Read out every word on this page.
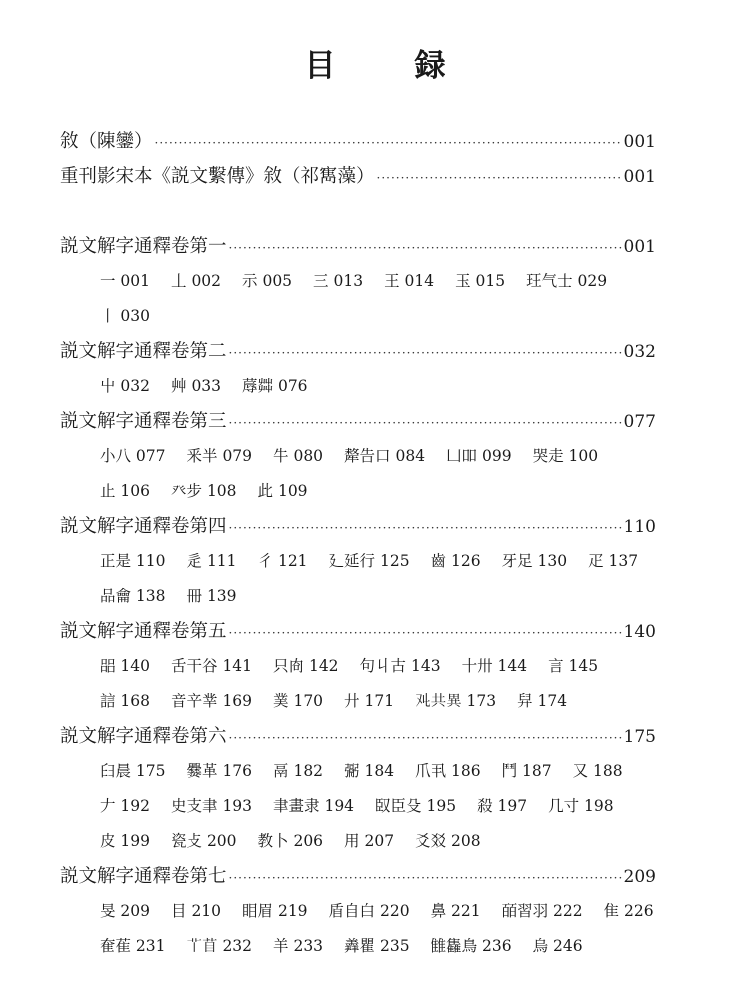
目　録
敘（陳鑾） ·····	001
重刊影宋本《説文繫傳》敘（祁寯藻） ·····	001
説文解字通釋卷第一 ·····	001
一 001 丄 002 示 005 三 013 王 014 玉 015 玨气士 029
丨 030
説文解字通釋卷第二 ·····	032
屮 032 艸 033 蓐茻 076
説文解字通釋卷第三 ·····	077
小八 077 釆半 079 牛 080 犛告口 084 凵吅 099 哭走 100
止 106 癶步 108 此 109
説文解字通釋卷第四 ·····	110
正是 110 辵 111 彳 121 廴延行 125 齒 126 牙足 130 疋 137
品龠 138 冊 139
説文解字通釋卷第五 ·····	140
㗊 140 舌干谷 141 只㕯 142 句丩古 143 十卅 144 言 145
誩 168 音䇂丵 169 菐 170 廾 171 𠬜共異 173 舁 174
説文解字通釋卷第六 ·····	175
𦥑晨 175 爨革 176 鬲 182 䰜 184 爪丮 186 鬥 187 又 188
𠂇 192 史支聿 193 聿畫隶 194 臤臣殳 195 殺 197 几寸 198
皮 199 瓷攴 200 教卜 206 用 207 爻㸚 208
説文解字通釋卷第七 ·····	209
旻 209 目 210 䀠眉 219 盾自白 220 鼻 221 皕習羽 222 隹 226
奞萑 231 𦫳苜 232 羊 233 羴瞿 235 雔雥鳥 236 烏 246
